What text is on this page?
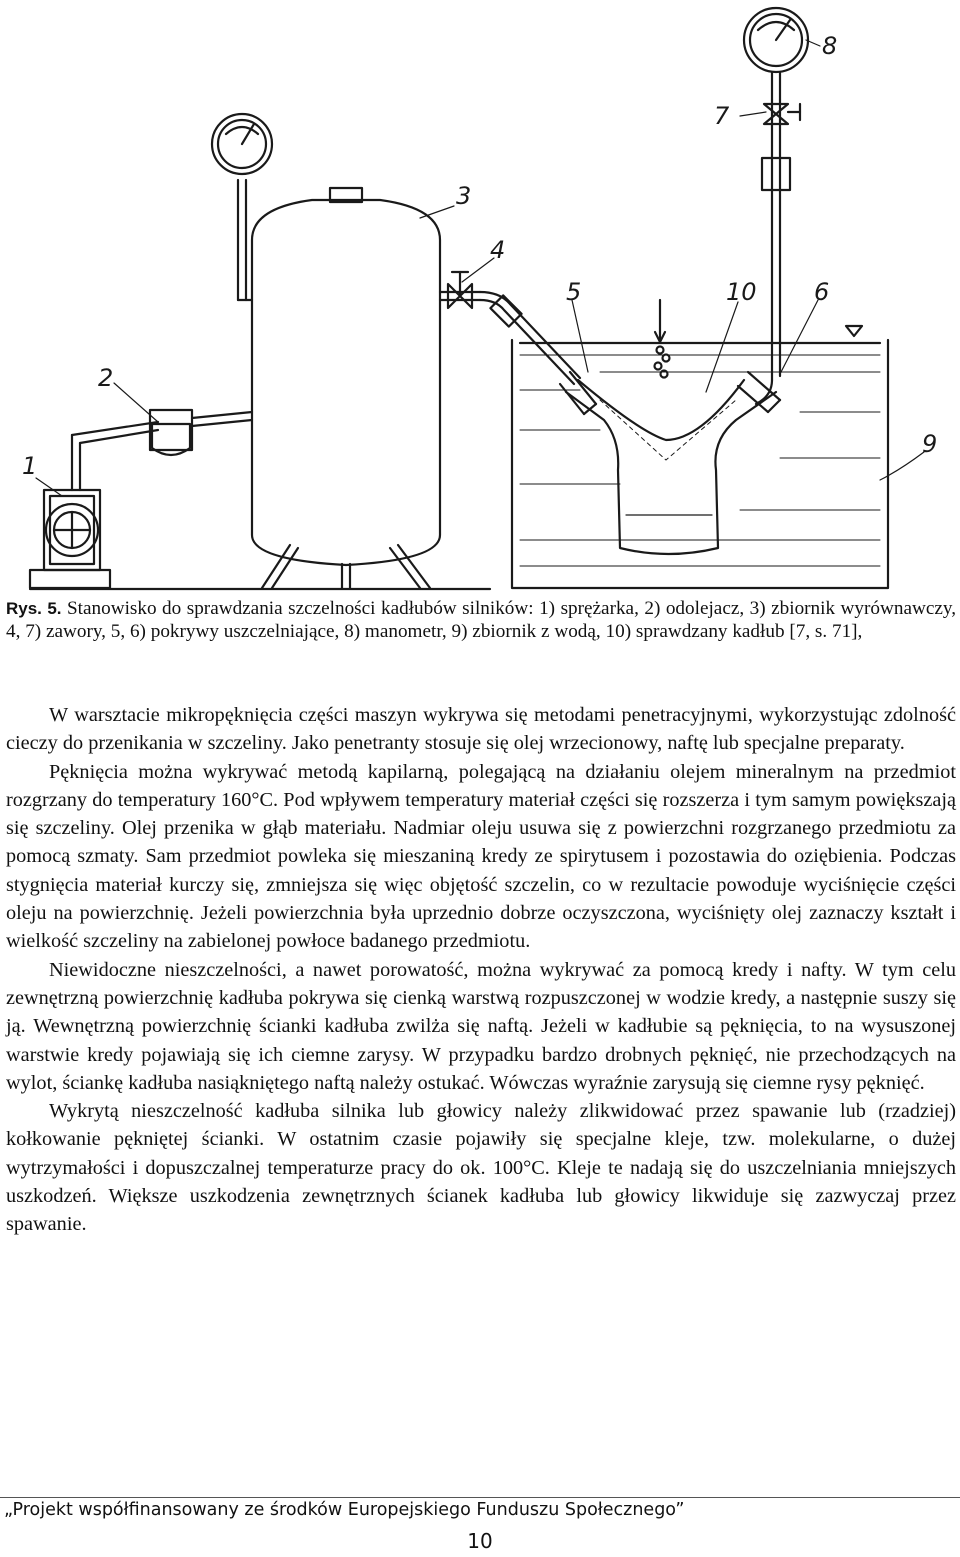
1
2
3
4
5	10 6
7
8
9

Rys. 5. Stanowisko do sprawdzania szczelności kadłubów silników: 1) sprężarka, 2) odolejacz, 3) zbiornik wyrównawczy, 4, 7) zawory, 5, 6) pokrywy uszczelniające, 8) manometr, 9) zbiornik z wodą, 10) sprawdzany kadłub [7, s. 71],

W warsztacie mikropęknięcia części maszyn wykrywa się metodami penetracyjnymi, wykorzystując zdolność cieczy do przenikania w szczeliny. Jako penetranty stosuje się olej wrzecionowy, naftę lub specjalne preparaty.

Pęknięcia można wykrywać metodą kapilarną, polegającą na działaniu olejem mineralnym na przedmiot rozgrzany do temperatury 160°C. Pod wpływem temperatury materiał części się rozszerza i tym samym powiększają się szczeliny. Olej przenika w głąb materiału. Nadmiar oleju usuwa się z powierzchni rozgrzanego przedmiotu za pomocą szmaty. Sam przedmiot powleka się mieszaniną kredy ze spirytusem i pozostawia do oziębienia. Podczas stygnięcia materiał kurczy się, zmniejsza się więc objętość szczelin, co w rezultacie powoduje wyciśnięcie części oleju na powierzchnię. Jeżeli powierzchnia była uprzednio dobrze oczyszczona, wyciśnięty olej zaznaczy kształt i wielkość szczeliny na zabielonej powłoce badanego przedmiotu.

Niewidoczne nieszczelności, a nawet porowatość, można wykrywać za pomocą kredy i nafty. W tym celu zewnętrzną powierzchnię kadłuba pokrywa się cienką warstwą rozpuszczonej w wodzie kredy, a następnie suszy się ją. Wewnętrzną powierzchnię ścianki kadłuba zwilża się naftą. Jeżeli w kadłubie są pęknięcia, to na wysuszonej warstwie kredy pojawiają się ich ciemne zarysy. W przypadku bardzo drobnych pęknięć, nie przechodzących na wylot, ściankę kadłuba nasiąkniętego naftą należy ostukać. Wówczas wyraźnie zarysują się ciemne rysy pęknięć.

Wykrytą nieszczelność kadłuba silnika lub głowicy należy zlikwidować przez spawanie lub (rzadziej) kołkowanie pękniętej ścianki. W ostatnim czasie pojawiły się specjalne kleje, tzw. molekularne, o dużej wytrzymałości i dopuszczalnej temperaturze pracy do ok. 100°C. Kleje te nadają się do uszczelniania mniejszych uszkodzeń. Większe uszkodzenia zewnętrznych ścianek kadłuba lub głowicy likwiduje się zazwyczaj przez spawanie.

„Projekt współfinansowany ze środków Europejskiego Funduszu Społecznego”
10
